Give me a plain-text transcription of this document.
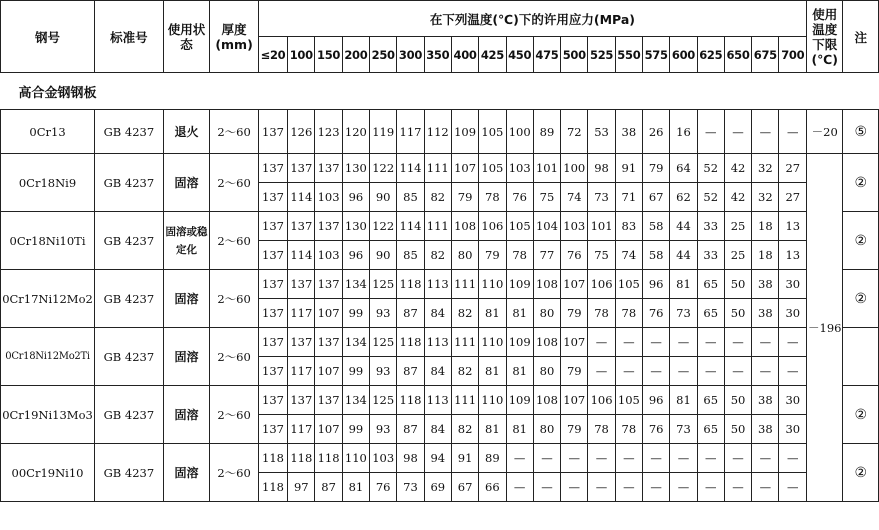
钢号	标准号	使用状态	厚度(mm)	在下列温度(℃)下的许用应力(MPa)																				使用温度下限(℃)	注
				≤20	100	150	200	250	300	350	400	425	450	475	500	525	550	575	600	625	650	675	700		
高合金钢钢板																									
0Cr13	GB 4237	退火	2～60	137	126	123	120	119	117	112	109	105	100	89	72	53	38	26	16	—	—	—	—	－20	⑤
0Cr18Ni9	GB 4237	固溶	2～60	137	137	137	130	122	114	111	107	105	103	101	100	98	91	79	64	52	42	32	27	－196	②
				137	114	103	96	90	85	82	79	78	76	75	74	73	71	67	62	52	42	32	27		
0Cr18Ni10Ti	GB 4237	固溶或稳定化	2～60	137	137	137	130	122	114	111	108	106	105	104	103	101	83	58	44	33	25	18	13		②
				137	114	103	96	90	85	82	80	79	78	77	76	75	74	58	44	33	25	18	13		
0Cr17Ni12Mo2	GB 4237	固溶	2～60	137	137	137	134	125	118	113	111	110	109	108	107	106	105	96	81	65	50	38	30		②
				137	117	107	99	93	87	84	82	81	81	80	79	78	78	76	73	65	50	38	30		
0Cr18Ni12Mo2Ti	GB 4237	固溶	2～60	137	137	137	134	125	118	113	111	110	109	108	107	—	—	—	—	—	—	—	—		
				137	117	107	99	93	87	84	82	81	81	80	79	—	—	—	—	—	—	—	—		
0Cr19Ni13Mo3	GB 4237	固溶	2～60	137	137	137	134	125	118	113	111	110	109	108	107	106	105	96	81	65	50	38	30		②
				137	117	107	99	93	87	84	82	81	81	80	79	78	78	76	73	65	50	38	30		
00Cr19Ni10	GB 4237	固溶	2～60	118	118	118	110	103	98	94	91	89	—	—	—	—	—	—	—	—	—	—	—		②
				118	97	87	81	76	73	69	67	66	—	—	—	—	—	—	—	—	—	—	—		
